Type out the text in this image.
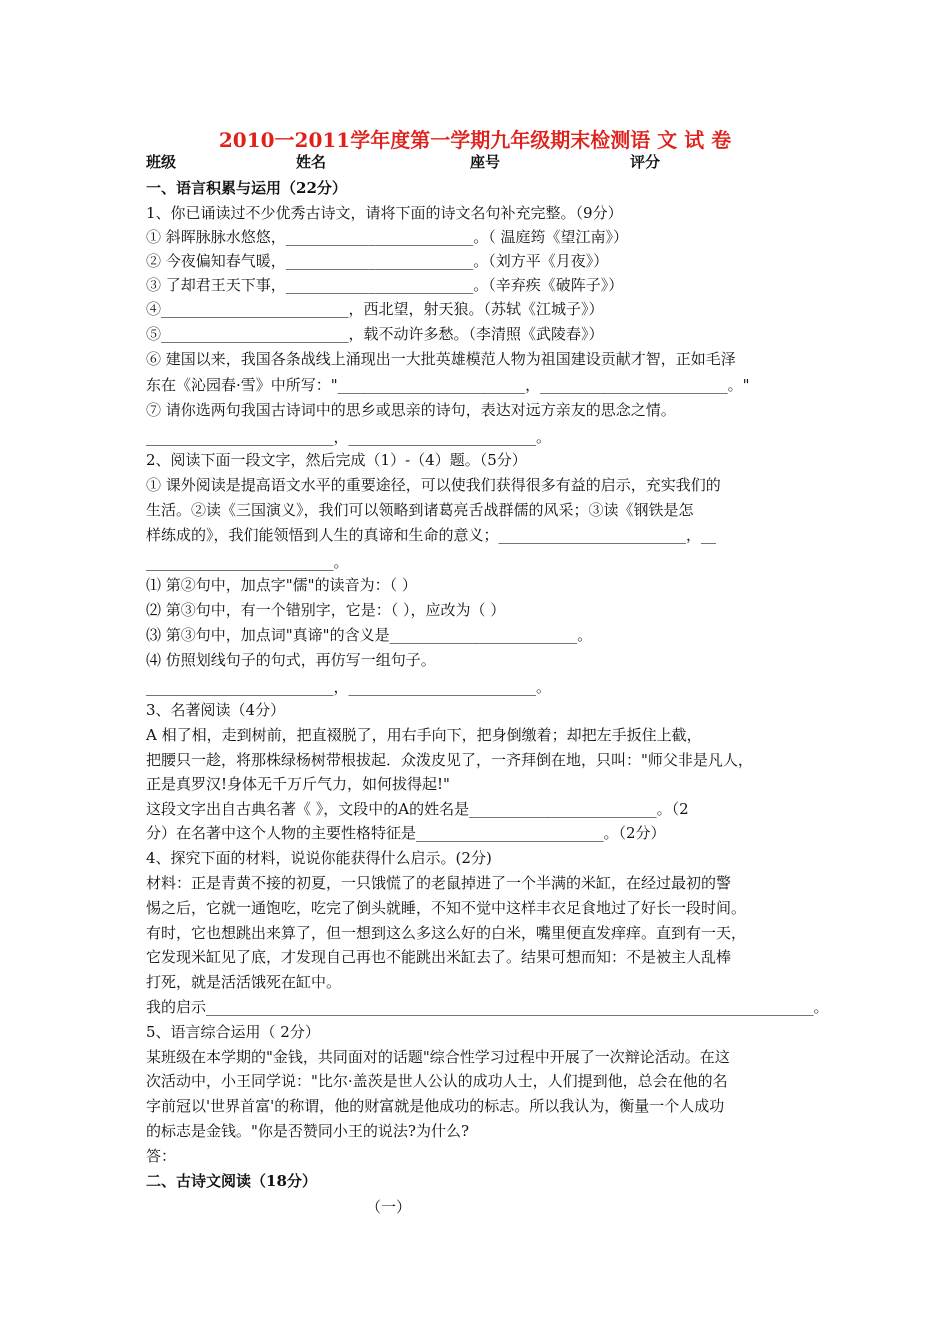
2010一2011学年度第一学期九年级期末检测语 文 试 卷
班级	姓名	座号	评分
一、语言积累与运用（22分）
1、你已诵读过不少优秀古诗文，请将下面的诗文名句补充完整。（9分）
① 斜晖脉脉水悠悠，_________________________。（ 温庭筠《望江南》）
② 今夜偏知春气暖，_________________________。（刘方平《月夜》）
③ 了却君王天下事，_________________________。（辛弃疾《破阵子》）
④_________________________，西北望，射天狼。（苏轼《江城子》）
⑤_________________________，载不动许多愁。（李清照《武陵春》）
⑥ 建国以来，我国各条战线上涌现出一大批英雄模范人物为祖国建设贡献才智，正如毛泽
东在《沁园春·雪》中所写："_________________________，_________________________。"
⑦ 请你选两句我国古诗词中的思乡或思亲的诗句，表达对远方亲友的思念之情。
_________________________，_________________________。
2、阅读下面一段文字，然后完成（1）-（4）题。（5分）
① 课外阅读是提高语文水平的重要途径，可以使我们获得很多有益的启示，充实我们的
生活。②读《三国演义》，我们可以领略到诸葛亮舌战群儒的风采；③读《钢铁是怎
样练成的》，我们能领悟到人生的真谛和生命的意义；_________________________，__
_________________________。
⑴ 第②句中，加点字"儒"的读音为：（ ）
⑵ 第③句中，有一个错别字，它是：（ ），应改为（ ）
⑶ 第③句中，加点词"真谛"的含义是_________________________。
⑷ 仿照划线句子的句式，再仿写一组句子。
_________________________，_________________________。
3、名著阅读（4分）
A 相了相，走到树前，把直裰脱了，用右手向下，把身倒缴着；却把左手扳住上截，
把腰只一趁，将那株绿杨树带根拔起．众泼皮见了，一齐拜倒在地，只叫："师父非是凡人，
正是真罗汉!身体无千万斤气力，如何拔得起!"
这段文字出自古典名著《 》，文段中的A的姓名是_________________________。（2
分）在名著中这个人物的主要性格特征是_________________________。（2分）
4、探究下面的材料，说说你能获得什么启示。(2分)
材料：正是青黄不接的初夏，一只饿慌了的老鼠掉进了一个半满的米缸，在经过最初的警
惕之后，它就一通饱吃，吃完了倒头就睡，不知不觉中这样丰衣足食地过了好长一段时间。
有时，它也想跳出来算了，但一想到这么多这么好的白米，嘴里便直发痒痒。直到有一天，
它发现米缸见了底，才发现自己再也不能跳出米缸去了。结果可想而知：不是被主人乱棒
打死，就是活活饿死在缸中。
我的启示_________________________________________________________________________________。
5、语言综合运用（ 2分）
某班级在本学期的"金钱，共同面对的话题"综合性学习过程中开展了一次辩论活动。在这
次活动中，小王同学说："比尔·盖茨是世人公认的成功人士，人们提到他，总会在他的名
字前冠以'世界首富'的称谓，他的财富就是他成功的标志。所以我认为，衡量一个人成功
的标志是金钱。"你是否赞同小王的说法?为什么?
答：
二、古诗文阅读（18分）
（一）
